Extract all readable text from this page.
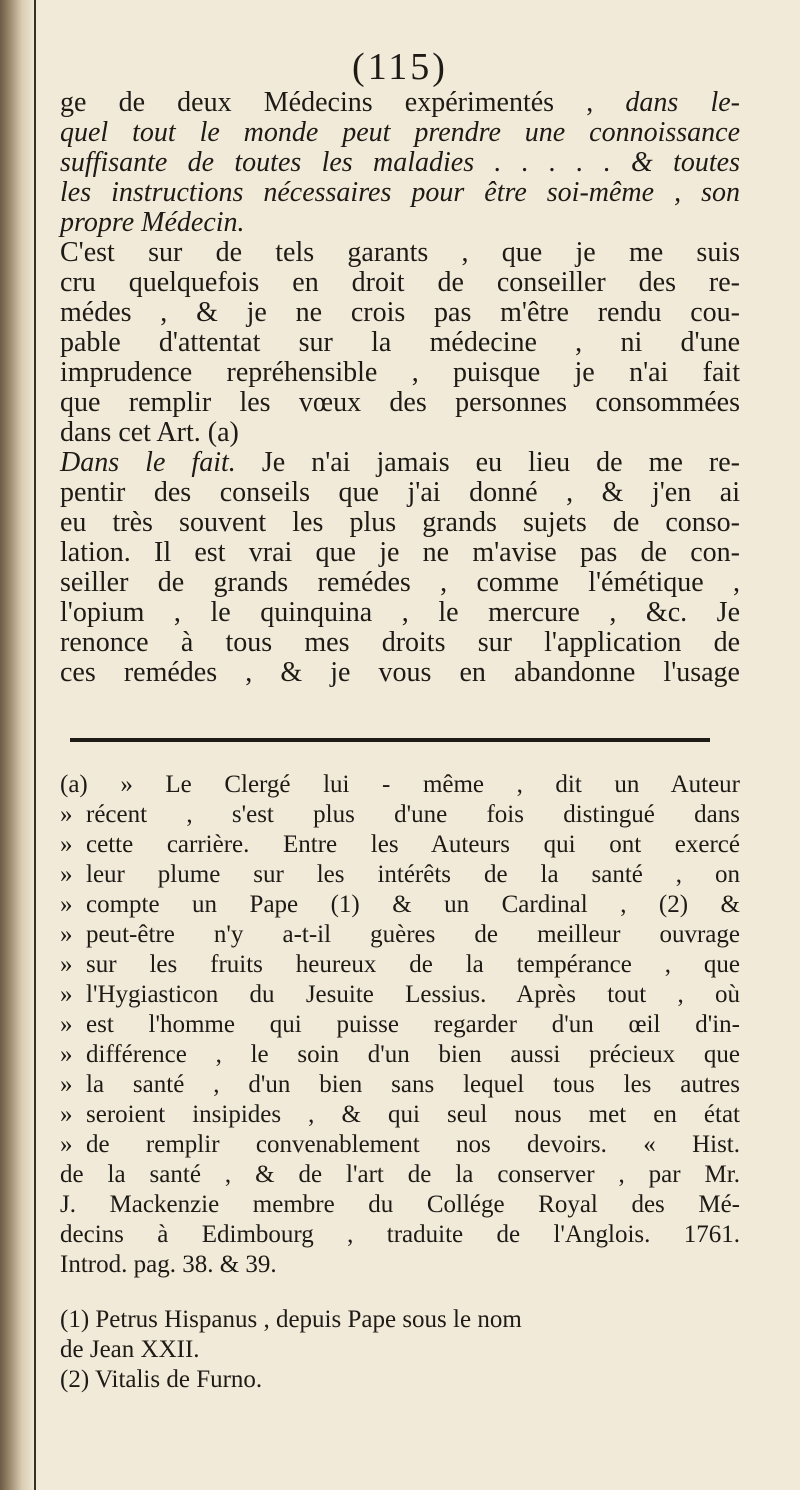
(115)
ge de deux Médecins expérimentés , dans le-
quel tout le monde peut prendre une connoissance
suffisante de toutes les maladies . . . . . & toutes
les instructions nécessaires pour être soi-même , son
propre Médecin.
C'est sur de tels garants , que je me suis
cru quelquefois en droit de conseiller des re-
médes , & je ne crois pas m'être rendu cou-
pable d'attentat sur la médecine , ni d'une
imprudence repréhensible , puisque je n'ai fait
que remplir les vœux des personnes consommées
dans cet Art. (a)
Dans le fait. Je n'ai jamais eu lieu de me re-
pentir des conseils que j'ai donné , & j'en ai
eu très souvent les plus grands sujets de conso-
lation. Il est vrai que je ne m'avise pas de con-
seiller de grands remédes , comme l'émétique ,
l'opium , le quinquina , le mercure , &c. Je
renonce à tous mes droits sur l'application de
ces remédes , & je vous en abandonne l'usage
(a) » Le Clergé lui - même , dit un Auteur
» récent , s'est plus d'une fois distingué dans
» cette carrière. Entre les Auteurs qui ont exercé
» leur plume sur les intérêts de la santé , on
» compte un Pape (1) & un Cardinal , (2) &
» peut-être n'y a-t-il guères de meilleur ouvrage
» sur les fruits heureux de la tempérance , que
» l'Hygiasticon du Jesuite Lessius. Après tout , où
» est l'homme qui puisse regarder d'un œil d'in-
» différence , le soin d'un bien aussi précieux que
» la santé , d'un bien sans lequel tous les autres
» seroient insipides , & qui seul nous met en état
» de remplir convenablement nos devoirs. « Hist.
de la santé , & de l'art de la conserver , par Mr.
J. Mackenzie membre du Collége Royal des Mé-
decins à Edimbourg , traduite de l'Anglois. 1761.
Introd. pag. 38. & 39.
(1) Petrus Hispanus , depuis Pape sous le nom
de Jean XXII.
(2) Vitalis de Furno.
